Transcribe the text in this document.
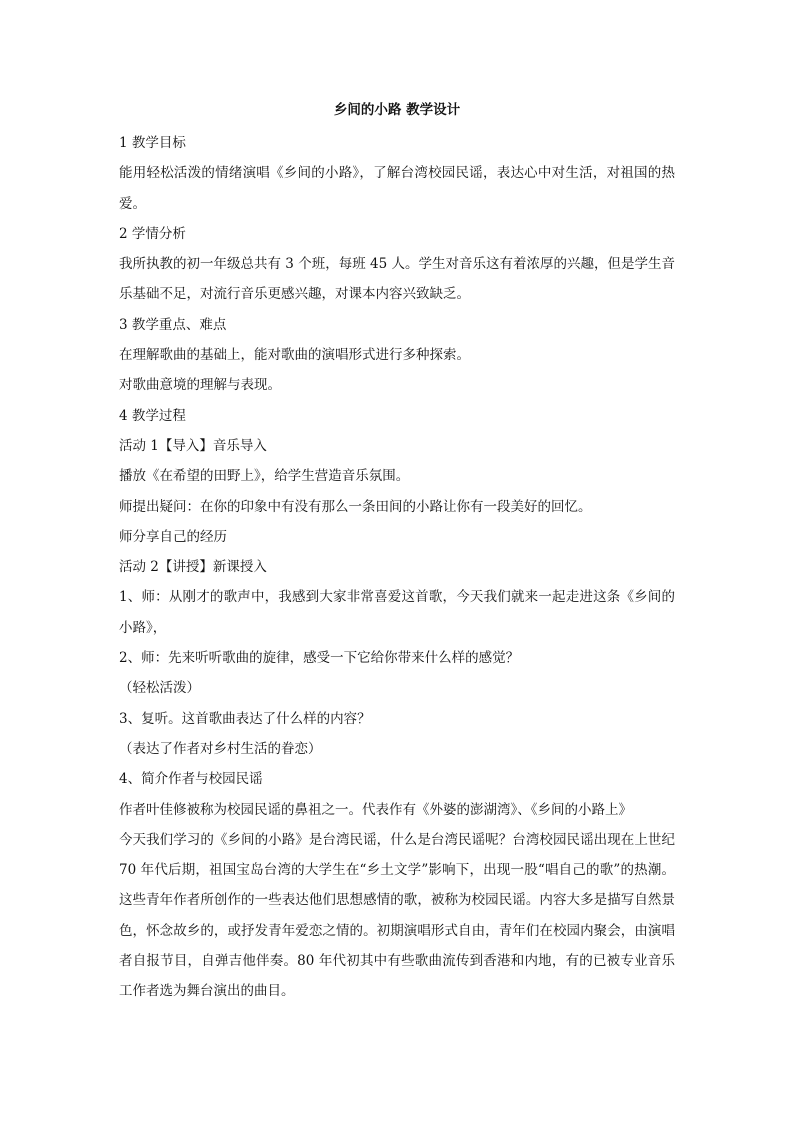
乡间的小路 教学设计

1 教学目标

能用轻松活泼的情绪演唱《乡间的小路》，了解台湾校园民谣，表达心中对生活，对祖国的热爱。

2 学情分析

我所执教的初一年级总共有 3 个班，每班 45 人。学生对音乐这有着浓厚的兴趣，但是学生音乐基础不足，对流行音乐更感兴趣，对课本内容兴致缺乏。

3 教学重点、难点

在理解歌曲的基础上，能对歌曲的演唱形式进行多种探索。

对歌曲意境的理解与表现。

4 教学过程

活动 1【导入】音乐导入

播放《在希望的田野上》，给学生营造音乐氛围。

师提出疑问：在你的印象中有没有那么一条田间的小路让你有一段美好的回忆。

师分享自己的经历

活动 2【讲授】新课授入

1、师：从刚才的歌声中，我感到大家非常喜爱这首歌，今天我们就来一起走进这条《乡间的小路》，

2、师：先来听听歌曲的旋律，感受一下它给你带来什么样的感觉？

（轻松活泼）

3、复听。这首歌曲表达了什么样的内容？

（表达了作者对乡村生活的眷恋）

4、简介作者与校园民谣

作者叶佳修被称为校园民谣的鼻祖之一。代表作有《外婆的澎湖湾》、《乡间的小路上》

今天我们学习的《乡间的小路》是台湾民谣，什么是台湾民谣呢？台湾校园民谣出现在上世纪 70 年代后期，祖国宝岛台湾的大学生在“乡土文学”影响下，出现一股“唱自己的歌”的热潮。这些青年作者所创作的一些表达他们思想感情的歌，被称为校园民谣。内容大多是描写自然景色，怀念故乡的，或抒发青年爱恋之情的。初期演唱形式自由，青年们在校园内聚会，由演唱者自报节目，自弹吉他伴奏。80 年代初其中有些歌曲流传到香港和内地，有的已被专业音乐工作者选为舞台演出的曲目。
